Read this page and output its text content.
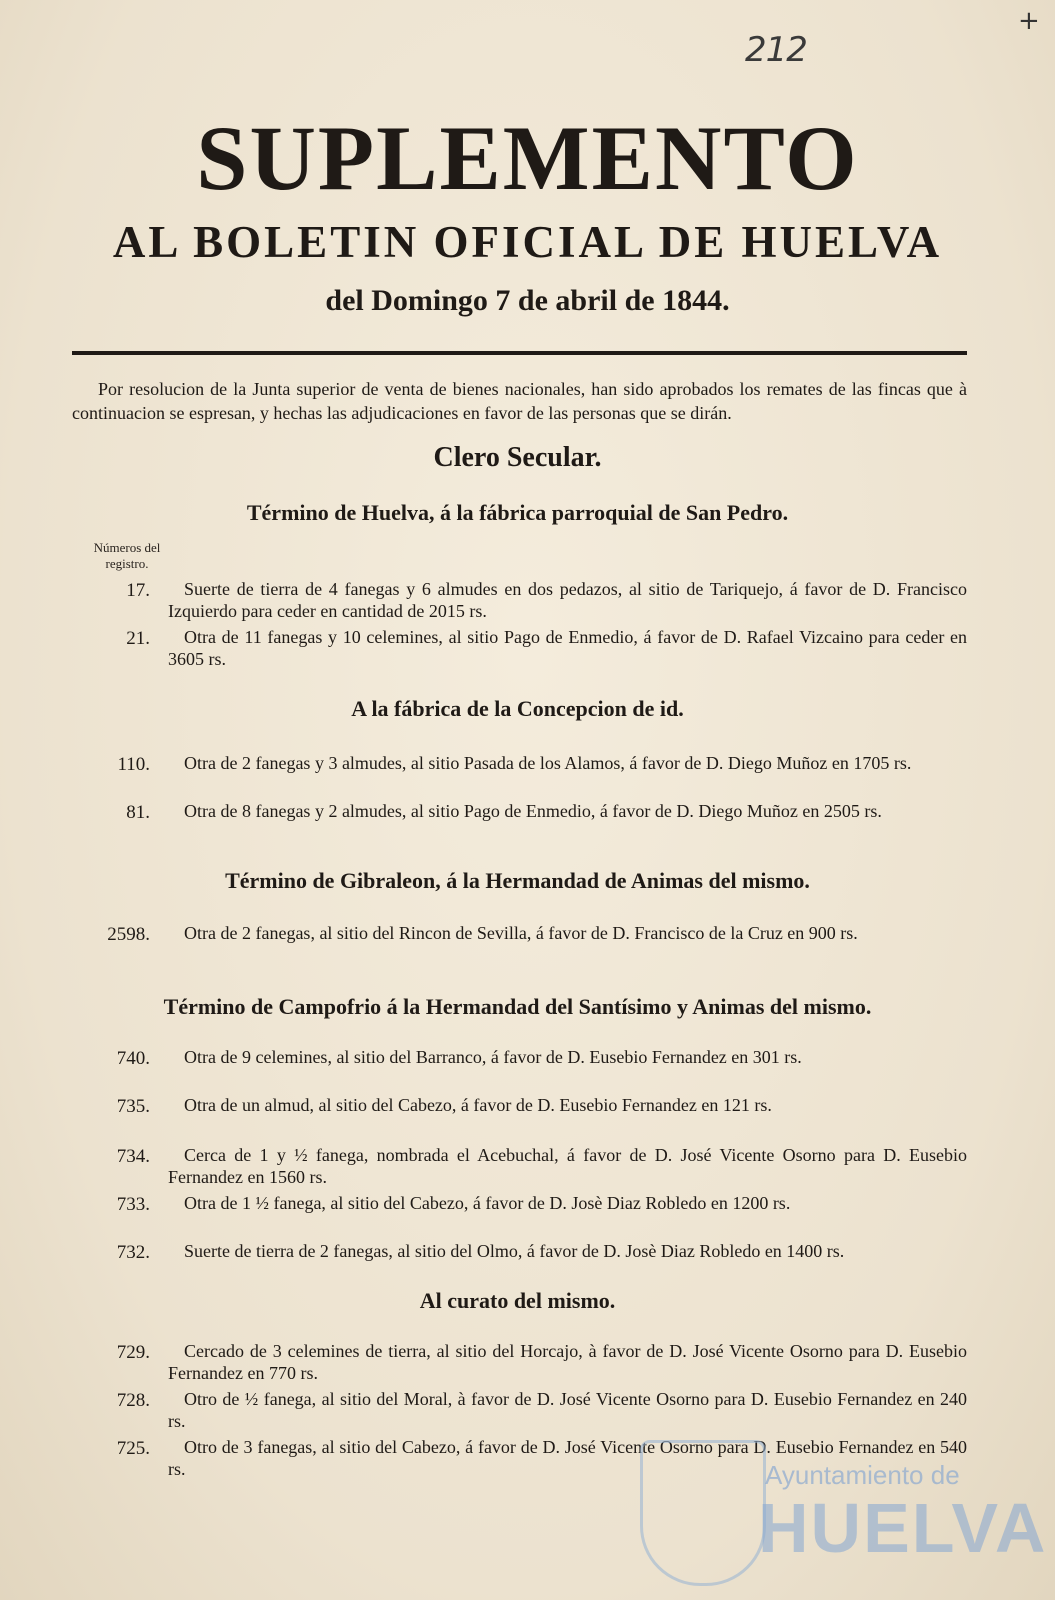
212
+
SUPLEMENTO
AL BOLETIN OFICIAL DE HUELVA
del Domingo 7 de abril de 1844.
Por resolucion de la Junta superior de venta de bienes nacionales, han sido aprobados los remates de las fincas que à continuacion se espresan, y hechas las adjudicaciones en favor de las personas que se dirán.
Clero Secular.
Término de Huelva, á la fábrica parroquial de San Pedro.
Números del registro.
17.	Suerte de tierra de 4 fanegas y 6 almudes en dos pedazos, al sitio de Tariquejo, á favor de D. Francisco Izquierdo para ceder en cantidad de 2015 rs.
21.	Otra de 11 fanegas y 10 celemines, al sitio Pago de Enmedio, á favor de D. Rafael Vizcaino para ceder en 3605 rs.
A la fábrica de la Concepcion de id.
110.	Otra de 2 fanegas y 3 almudes, al sitio Pasada de los Alamos, á favor de D. Diego Muñoz en 1705 rs.
81.	Otra de 8 fanegas y 2 almudes, al sitio Pago de Enmedio, á favor de D. Diego Muñoz en 2505 rs.
Término de Gibraleon, á la Hermandad de Animas del mismo.
2598.	Otra de 2 fanegas, al sitio del Rincon de Sevilla, á favor de D. Francisco de la Cruz en 900 rs.
Término de Campofrio á la Hermandad del Santísimo y Animas del mismo.
740.	Otra de 9 celemines, al sitio del Barranco, á favor de D. Eusebio Fernandez en 301 rs.
735.	Otra de un almud, al sitio del Cabezo, á favor de D. Eusebio Fernandez en 121 rs.
734.	Cerca de 1 y ½ fanega, nombrada el Acebuchal, á favor de D. José Vicente Osorno para D. Eusebio Fernandez en 1560 rs.
733.	Otra de 1 ½ fanega, al sitio del Cabezo, á favor de D. Josè Diaz Robledo en 1200 rs.
732.	Suerte de tierra de 2 fanegas, al sitio del Olmo, á favor de D. Josè Diaz Robledo en 1400 rs.
Al curato del mismo.
729.	Cercado de 3 celemines de tierra, al sitio del Horcajo, à favor de D. José Vicente Osorno para D. Eusebio Fernandez en 770 rs.
728.	Otro de ½ fanega, al sitio del Moral, à favor de D. José Vicente Osorno para D. Eusebio Fernandez en 240 rs.
725.	Otro de 3 fanegas, al sitio del Cabezo, á favor de D. José Vicente Osorno para D. Eusebio Fernandez en 540 rs.	Ayuntamiento de
HUELVA
